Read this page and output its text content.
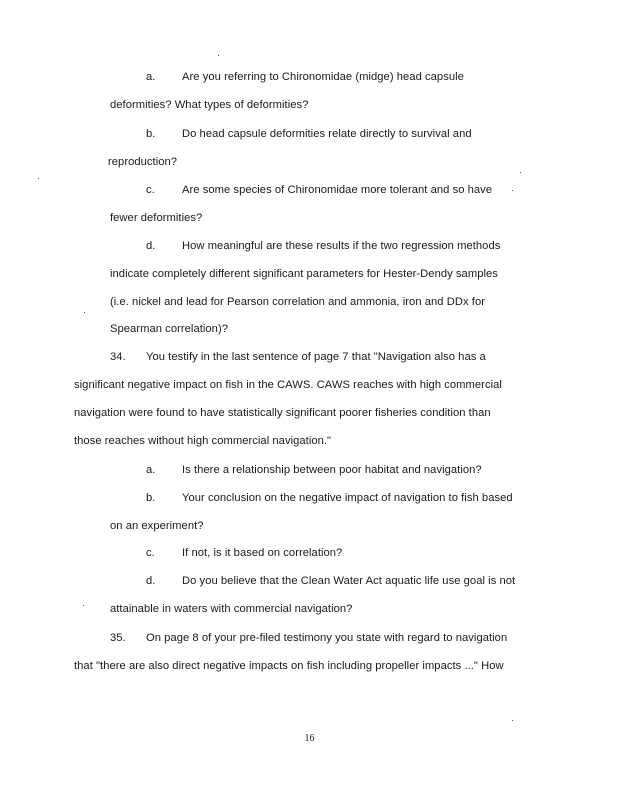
a. Are you referring to Chironomidae (midge) head capsule
deformities? What types of deformities?
b. Do head capsule deformities relate directly to survival and
reproduction?
c. Are some species of Chironomidae more tolerant and so have
fewer deformities?
d. How meaningful are these results if the two regression methods
indicate completely different significant parameters for Hester-Dendy samples
(i.e. nickel and lead for Pearson correlation and ammonia, iron and DDx for
Spearman correlation)?
34. You testify in the last sentence of page 7 that "Navigation also has a
significant negative impact on fish in the CAWS. CAWS reaches with high commercial
navigation were found to have statistically significant poorer fisheries condition than
those reaches without high commercial navigation."
a. Is there a relationship between poor habitat and navigation?
b. Your conclusion on the negative impact of navigation to fish based
on an experiment?
c. If not, is it based on correlation?
d. Do you believe that the Clean Water Act aquatic life use goal is not
attainable in waters with commercial navigation?
35. On page 8 of your pre-filed testimony you state with regard to navigation
that "there are also direct negative impacts on fish including propeller impacts ..." How
16
